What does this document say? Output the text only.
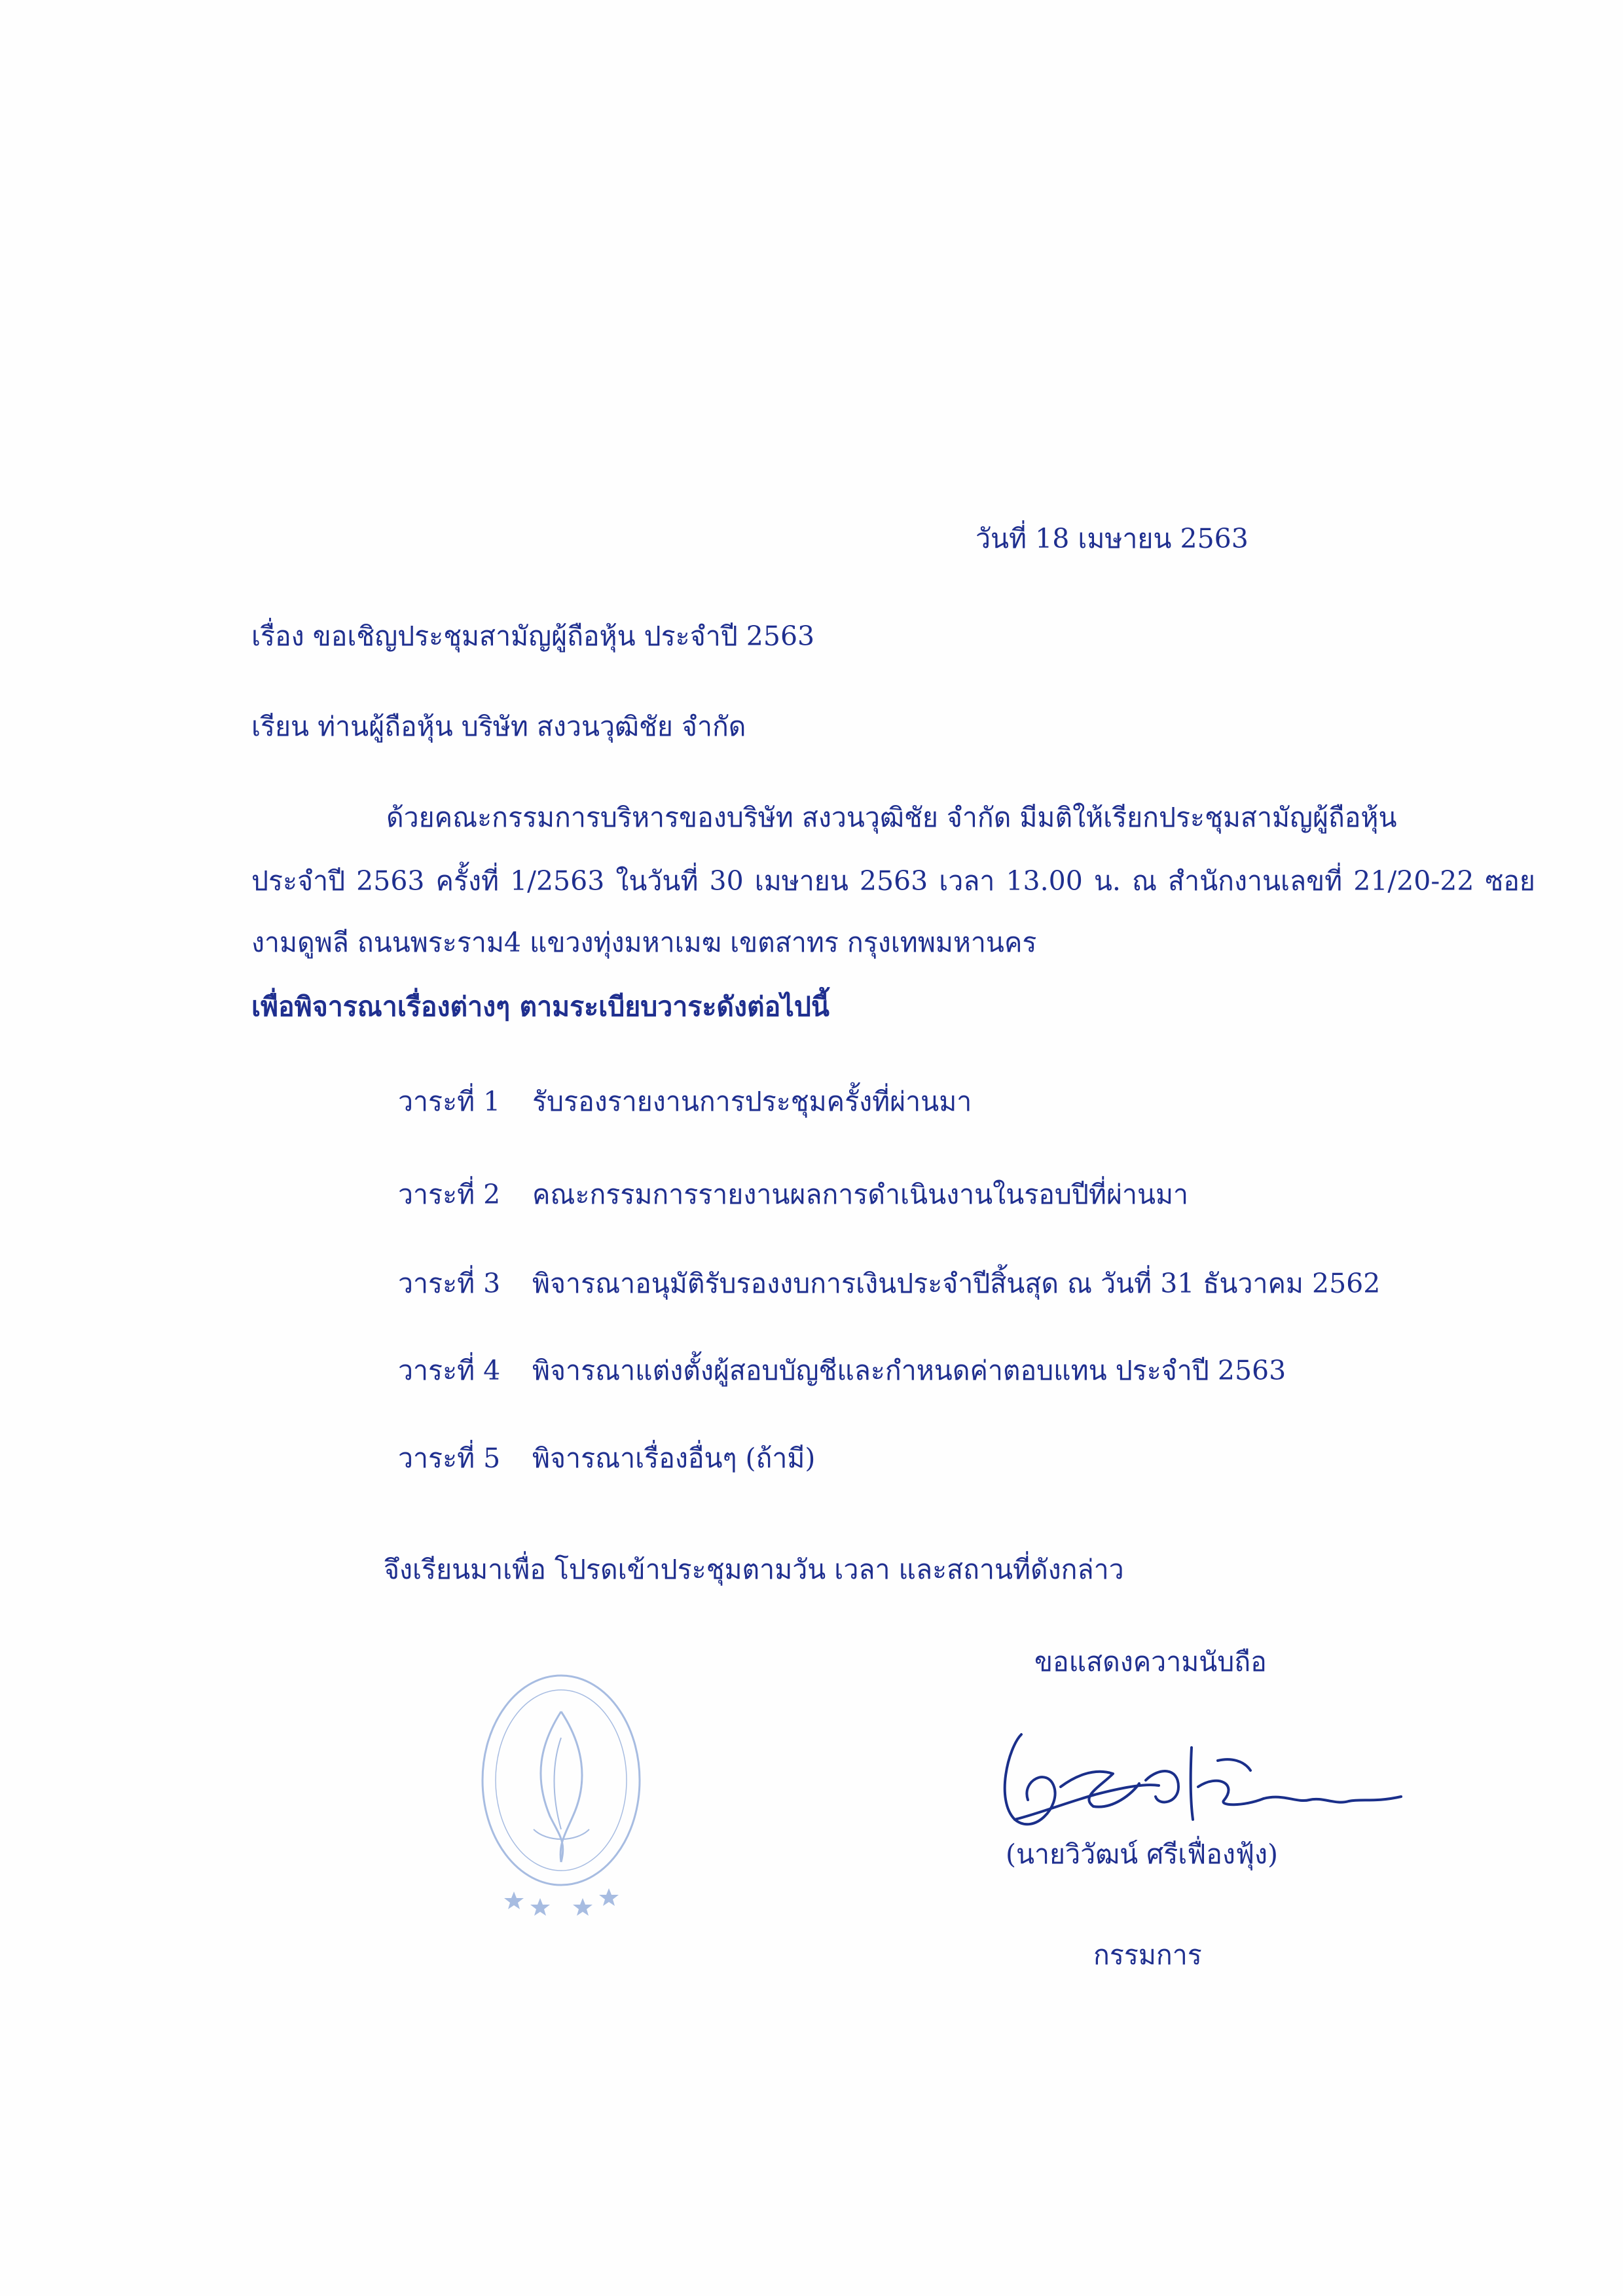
วันที่ 18 เมษายน 2563
เรื่อง ขอเชิญประชุมสามัญผู้ถือหุ้น ประจำปี 2563
เรียน ท่านผู้ถือหุ้น บริษัท สงวนวุฒิชัย จำกัด
ด้วยคณะกรรมการบริหารของบริษัท สงวนวุฒิชัย จำกัด มีมติให้เรียกประชุมสามัญผู้ถือหุ้น
ประจำปี 2563 ครั้งที่ 1/2563 ในวันที่ 30 เมษายน 2563 เวลา 13.00 น. ณ สำนักงานเลขที่ 21/20-22 ซอย
งามดูพลี ถนนพระราม4 แขวงทุ่งมหาเมฆ เขตสาทร กรุงเทพมหานคร
เพื่อพิจารณาเรื่องต่างๆ ตามระเบียบวาระดังต่อไปนี้
วาระที่ 1 รับรองรายงานการประชุมครั้งที่ผ่านมา
วาระที่ 2 คณะกรรมการรายงานผลการดำเนินงานในรอบปีที่ผ่านมา
วาระที่ 3 พิจารณาอนุมัติรับรองงบการเงินประจำปีสิ้นสุด ณ วันที่ 31 ธันวาคม 2562
วาระที่ 4 พิจารณาแต่งตั้งผู้สอบบัญชีและกำหนดค่าตอบแทน ประจำปี 2563
วาระที่ 5 พิจารณาเรื่องอื่นๆ (ถ้ามี)
จึงเรียนมาเพื่อ โปรดเข้าประชุมตามวัน เวลา และสถานที่ดังกล่าว
ขอแสดงความนับถือ
(นายวิวัฒน์ ศรีเฟื่องฟุ้ง)
กรรมการ
